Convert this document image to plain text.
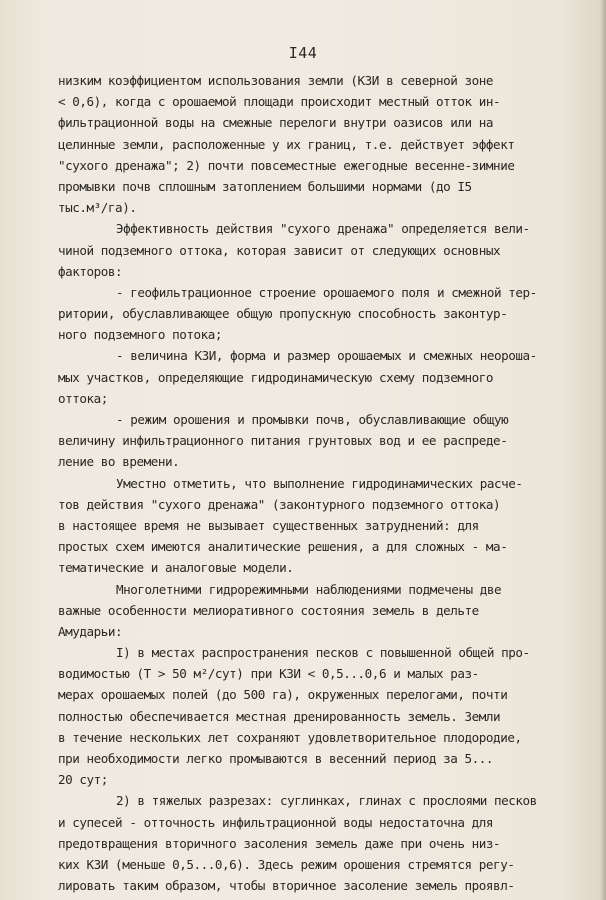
I44
низким коэффициентом использования земли (КЗИ в северной зоне
< 0,6), когда с орошаемой площади происходит местный отток ин-
фильтрационной воды на смежные перелоги внутри оазисов или на
целинные земли, расположенные у их границ, т.е. действует эффект
"сухого дренажа"; 2) почти повсеместные ежегодные весенне-зимние
промывки почв сплошным затоплением большими нормами (до I5
тыс.м³/га).
Эффективность действия "сухого дренажа" определяется вели-
чиной подземного оттока, которая зависит от следующих основных
факторов:
- геофильтрационное строение орошаемого поля и смежной тер-
ритории, обуславливающее общую пропускную способность законтур-
ного подземного потока;
- величина КЗИ, форма и размер орошаемых и смежных неороша-
мых участков, определяющие гидродинамическую схему подземного
оттока;
- режим орошения и промывки почв, обуславливающие общую
величину инфильтрационного питания грунтовых вод и ее распреде-
ление во времени.
Уместно отметить, что выполнение гидродинамических расче-
тов действия "сухого дренажа" (законтурного подземного оттока)
в настоящее время не вызывает существенных затруднений: для
простых схем имеются аналитические решения, а для сложных - ма-
тематические и аналоговые модели.
Многолетними гидрорежимными наблюдениями подмечены две
важные особенности мелиоративного состояния земель в дельте
Амударьи:
I) в местах распространения песков с повышенной общей про-
водимостью (T > 50 м²/сут) при КЗИ < 0,5...0,6 и малых раз-
мерах орошаемых полей (до 500 га), окруженных перелогами, почти
полностью обеспечивается местная дренированность земель. Земли
в течение нескольких лет сохраняют удовлетворительное плодородие,
при необходимости легко промываются в весенний период за 5...
20 сут;
2) в тяжелых разрезах: суглинках, глинах с прослоями песков
и супесей - отточность инфильтрационной воды недостаточна для
предотвращения вторичного засоления земель даже при очень низ-
ких КЗИ (меньше 0,5...0,6). Здесь режим орошения стремятся регу-
лировать таким образом, чтобы вторичное засоление земель проявл-
